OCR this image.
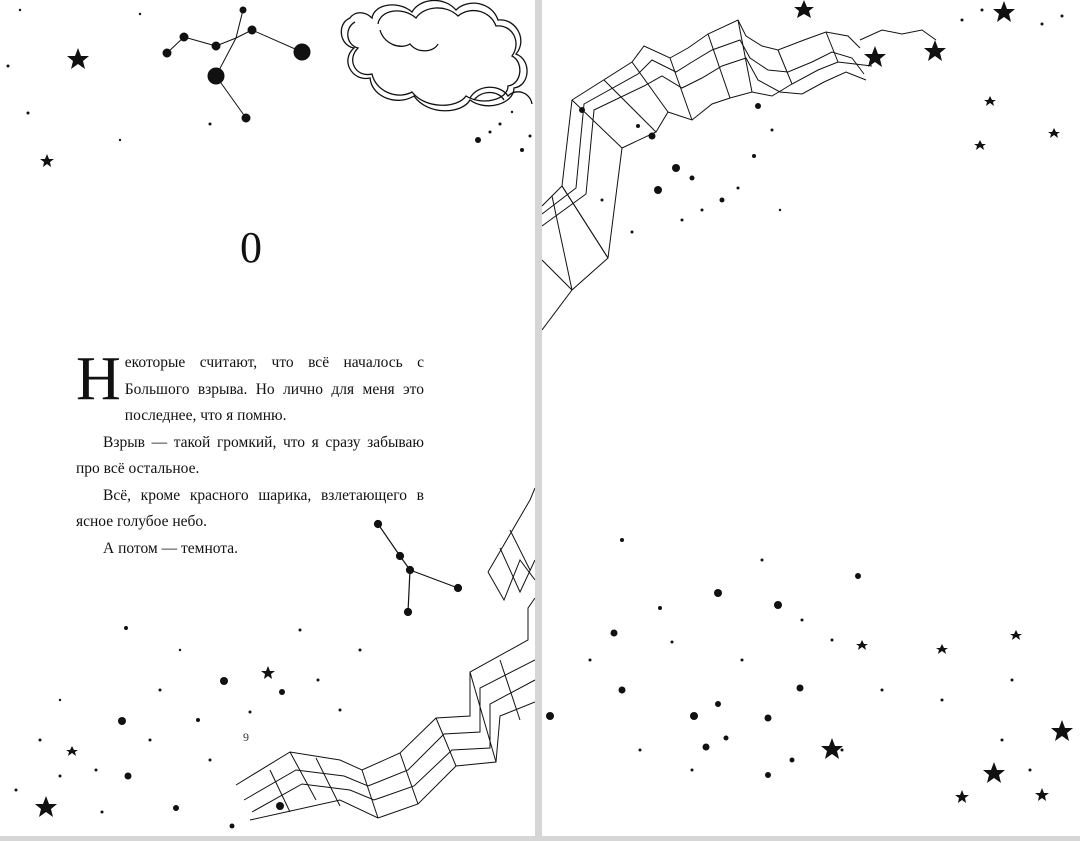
0

Некоторые считают, что всё началось с Большого взрыва. Но лично для меня это последнее, что я помню.

Взрыв — такой громкий, что я сразу забываю про всё остальное.

Всё, кроме красного шарика, взлетающего в ясное голубое небо.

А потом — темнота.

9
